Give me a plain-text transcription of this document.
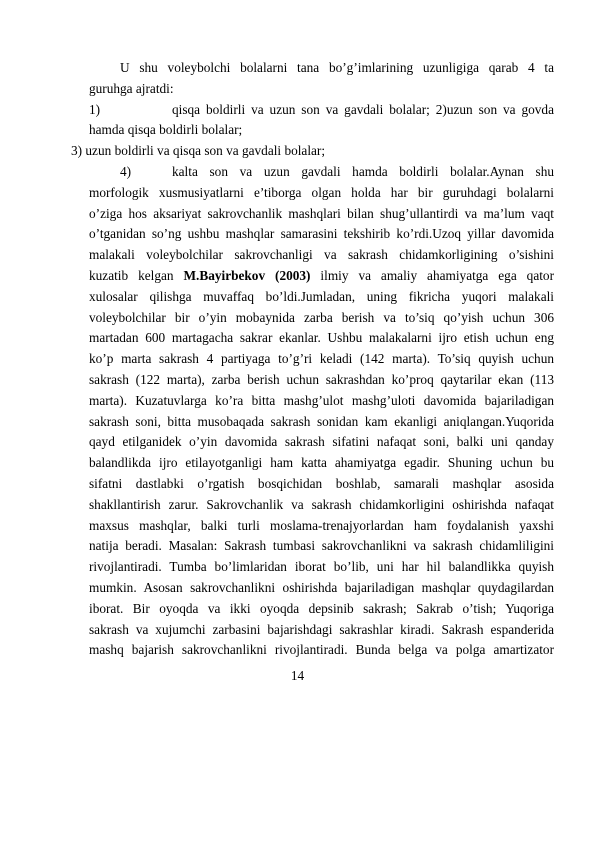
U shu voleybolchi bolalarni tana bo’g’imlarining uzunligiga qarab 4 ta
guruhga ajratdi:
1)	qisqa boldirli va uzun son va gavdali bolalar; 2)uzun son va govda
hamda qisqa boldirli bolalar;
3) uzun boldirli va qisqa son va gavdali bolalar;
4)	kalta son va uzun gavdali hamda boldirli bolalar.Aynan shu
morfologik xusmusiyatlarni e’tiborga olgan holda har bir guruhdagi bolalarni
o’ziga hos aksariyat sakrovchanlik mashqlari bilan shug’ullantirdi va ma’lum vaqt
o’tganidan so’ng ushbu mashqlar samarasini tekshirib ko’rdi.Uzoq yillar davomida
malakali voleybolchilar sakrovchanligi va sakrash chidamkorligining o’sishini
kuzatib kelgan M.Bayirbekov (2003) ilmiy va amaliy ahamiyatga ega qator
xulosalar qilishga muvaffaq bo’ldi.Jumladan, uning fikricha yuqori malakali
voleybolchilar bir o’yin mobaynida zarba berish va to’siq qo’yish uchun 306
martadan 600 martagacha sakrar ekanlar. Ushbu malakalarni ijro etish uchun eng
ko’p marta sakrash 4 partiyaga to’g’ri keladi (142 marta). To’siq quyish uchun
sakrash (122 marta), zarba berish uchun sakrashdan ko’proq qaytarilar ekan (113
marta). Kuzatuvlarga ko’ra bitta mashg’ulot mashg’uloti davomida bajariladigan
sakrash soni, bitta musobaqada sakrash sonidan kam ekanligi aniqlangan.Yuqorida
qayd etilganidek o’yin davomida sakrash sifatini nafaqat soni, balki uni qanday
balandlikda ijro etilayotganligi ham katta ahamiyatga egadir. Shuning uchun bu
sifatni dastlabki o’rgatish bosqichidan boshlab, samarali mashqlar asosida
shakllantirish zarur. Sakrovchanlik va sakrash chidamkorligini oshirishda nafaqat
maxsus mashqlar, balki turli moslama-trenajyorlardan ham foydalanish yaxshi
natija beradi. Masalan: Sakrash tumbasi sakrovchanlikni va sakrash chidamliligini
rivojlantiradi. Tumba bo’limlaridan iborat bo’lib, uni har hil balandlikka quyish
mumkin. Asosan sakrovchanlikni oshirishda bajariladigan mashqlar quydagilardan
iborat. Bir oyoqda va ikki oyoqda depsinib sakrash; Sakrab o’tish; Yuqoriga
sakrash va xujumchi zarbasini bajarishdagi sakrashlar kiradi. Sakrash espanderida
mashq bajarish sakrovchanlikni rivojlantiradi. Bunda belga va polga amartizator
14
